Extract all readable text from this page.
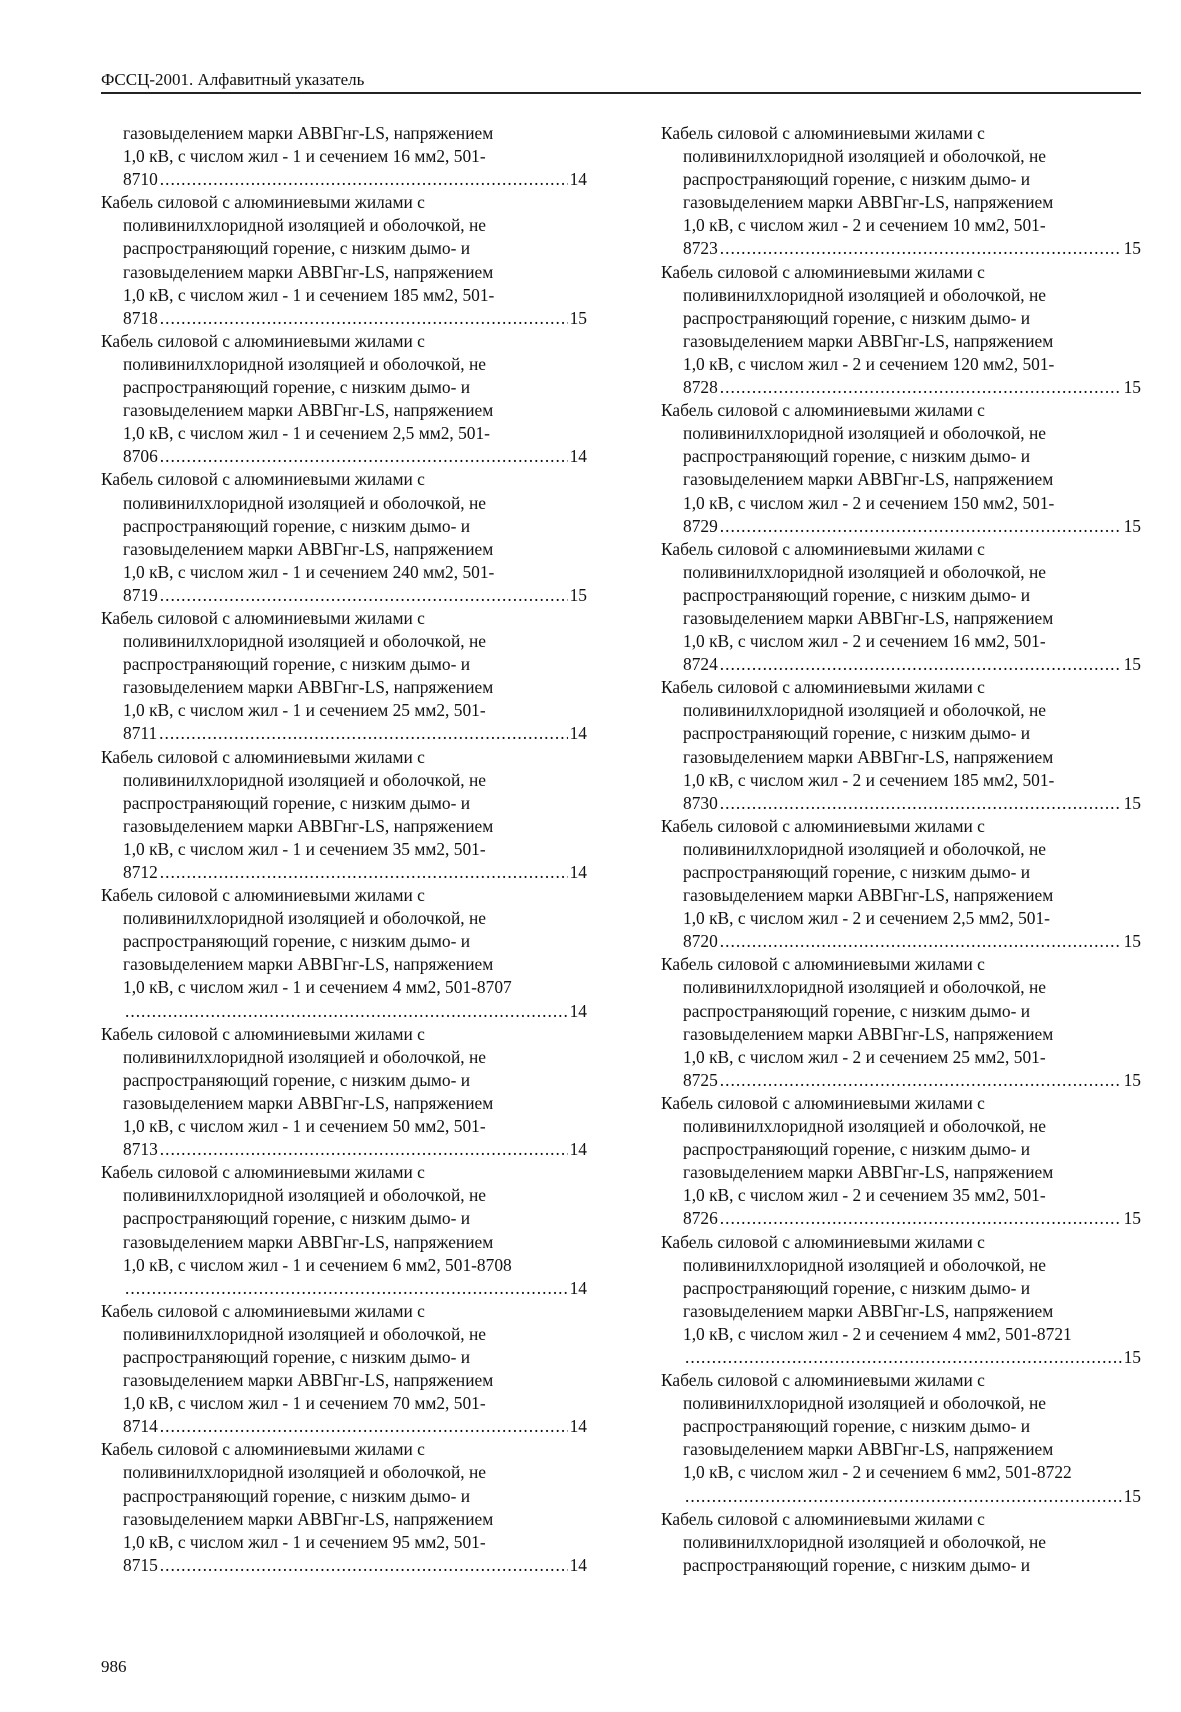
ФССЦ-2001. Алфавитный указатель
газовыделением марки АВВГнг-LS, напряжением
1,0 кВ, с числом жил - 1 и сечением 16 мм2, 501-
8710 .....	14
Кабель силовой с алюминиевыми жилами с
поливинилхлоридной изоляцией и оболочкой, не
распространяющий горение, с низким дымо- и
газовыделением марки АВВГнг-LS, напряжением
1,0 кВ, с числом жил - 1 и сечением 185 мм2, 501-
8718 .....	15
Кабель силовой с алюминиевыми жилами с
поливинилхлоридной изоляцией и оболочкой, не
распространяющий горение, с низким дымо- и
газовыделением марки АВВГнг-LS, напряжением
1,0 кВ, с числом жил - 1 и сечением 2,5 мм2, 501-
8706 .....	14
Кабель силовой с алюминиевыми жилами с
поливинилхлоридной изоляцией и оболочкой, не
распространяющий горение, с низким дымо- и
газовыделением марки АВВГнг-LS, напряжением
1,0 кВ, с числом жил - 1 и сечением 240 мм2, 501-
8719 .....	15
Кабель силовой с алюминиевыми жилами с
поливинилхлоридной изоляцией и оболочкой, не
распространяющий горение, с низким дымо- и
газовыделением марки АВВГнг-LS, напряжением
1,0 кВ, с числом жил - 1 и сечением 25 мм2, 501-
8711 .....	14
Кабель силовой с алюминиевыми жилами с
поливинилхлоридной изоляцией и оболочкой, не
распространяющий горение, с низким дымо- и
газовыделением марки АВВГнг-LS, напряжением
1,0 кВ, с числом жил - 1 и сечением 35 мм2, 501-
8712 .....	14
Кабель силовой с алюминиевыми жилами с
поливинилхлоридной изоляцией и оболочкой, не
распространяющий горение, с низким дымо- и
газовыделением марки АВВГнг-LS, напряжением
1,0 кВ, с числом жил - 1 и сечением 4 мм2, 501-8707
.....
14
Кабель силовой с алюминиевыми жилами с
поливинилхлоридной изоляцией и оболочкой, не
распространяющий горение, с низким дымо- и
газовыделением марки АВВГнг-LS, напряжением
1,0 кВ, с числом жил - 1 и сечением 50 мм2, 501-
8713 .....	14
Кабель силовой с алюминиевыми жилами с
поливинилхлоридной изоляцией и оболочкой, не
распространяющий горение, с низким дымо- и
газовыделением марки АВВГнг-LS, напряжением
1,0 кВ, с числом жил - 1 и сечением 6 мм2, 501-8708
.....
14
Кабель силовой с алюминиевыми жилами с
поливинилхлоридной изоляцией и оболочкой, не
распространяющий горение, с низким дымо- и
газовыделением марки АВВГнг-LS, напряжением
1,0 кВ, с числом жил - 1 и сечением 70 мм2, 501-
8714 .....	14
Кабель силовой с алюминиевыми жилами с
поливинилхлоридной изоляцией и оболочкой, не
распространяющий горение, с низким дымо- и
газовыделением марки АВВГнг-LS, напряжением
1,0 кВ, с числом жил - 1 и сечением 95 мм2, 501-
8715 .....	14
Кабель силовой с алюминиевыми жилами с
поливинилхлоридной изоляцией и оболочкой, не
распространяющий горение, с низким дымо- и
газовыделением марки АВВГнг-LS, напряжением
1,0 кВ, с числом жил - 2 и сечением 10 мм2, 501-
8723 .....	15
Кабель силовой с алюминиевыми жилами с
поливинилхлоридной изоляцией и оболочкой, не
распространяющий горение, с низким дымо- и
газовыделением марки АВВГнг-LS, напряжением
1,0 кВ, с числом жил - 2 и сечением 120 мм2, 501-
8728 .....	15
Кабель силовой с алюминиевыми жилами с
поливинилхлоридной изоляцией и оболочкой, не
распространяющий горение, с низким дымо- и
газовыделением марки АВВГнг-LS, напряжением
1,0 кВ, с числом жил - 2 и сечением 150 мм2, 501-
8729 .....	15
Кабель силовой с алюминиевыми жилами с
поливинилхлоридной изоляцией и оболочкой, не
распространяющий горение, с низким дымо- и
газовыделением марки АВВГнг-LS, напряжением
1,0 кВ, с числом жил - 2 и сечением 16 мм2, 501-
8724 .....	15
Кабель силовой с алюминиевыми жилами с
поливинилхлоридной изоляцией и оболочкой, не
распространяющий горение, с низким дымо- и
газовыделением марки АВВГнг-LS, напряжением
1,0 кВ, с числом жил - 2 и сечением 185 мм2, 501-
8730 .....	15
Кабель силовой с алюминиевыми жилами с
поливинилхлоридной изоляцией и оболочкой, не
распространяющий горение, с низким дымо- и
газовыделением марки АВВГнг-LS, напряжением
1,0 кВ, с числом жил - 2 и сечением 2,5 мм2, 501-
8720 .....	15
Кабель силовой с алюминиевыми жилами с
поливинилхлоридной изоляцией и оболочкой, не
распространяющий горение, с низким дымо- и
газовыделением марки АВВГнг-LS, напряжением
1,0 кВ, с числом жил - 2 и сечением 25 мм2, 501-
8725 .....	15
Кабель силовой с алюминиевыми жилами с
поливинилхлоридной изоляцией и оболочкой, не
распространяющий горение, с низким дымо- и
газовыделением марки АВВГнг-LS, напряжением
1,0 кВ, с числом жил - 2 и сечением 35 мм2, 501-
8726 .....	15
Кабель силовой с алюминиевыми жилами с
поливинилхлоридной изоляцией и оболочкой, не
распространяющий горение, с низким дымо- и
газовыделением марки АВВГнг-LS, напряжением
1,0 кВ, с числом жил - 2 и сечением 4 мм2, 501-8721
.....
15
Кабель силовой с алюминиевыми жилами с
поливинилхлоридной изоляцией и оболочкой, не
распространяющий горение, с низким дымо- и
газовыделением марки АВВГнг-LS, напряжением
1,0 кВ, с числом жил - 2 и сечением 6 мм2, 501-8722
.....
15
Кабель силовой с алюминиевыми жилами с
поливинилхлоридной изоляцией и оболочкой, не
распространяющий горение, с низким дымо- и
986
